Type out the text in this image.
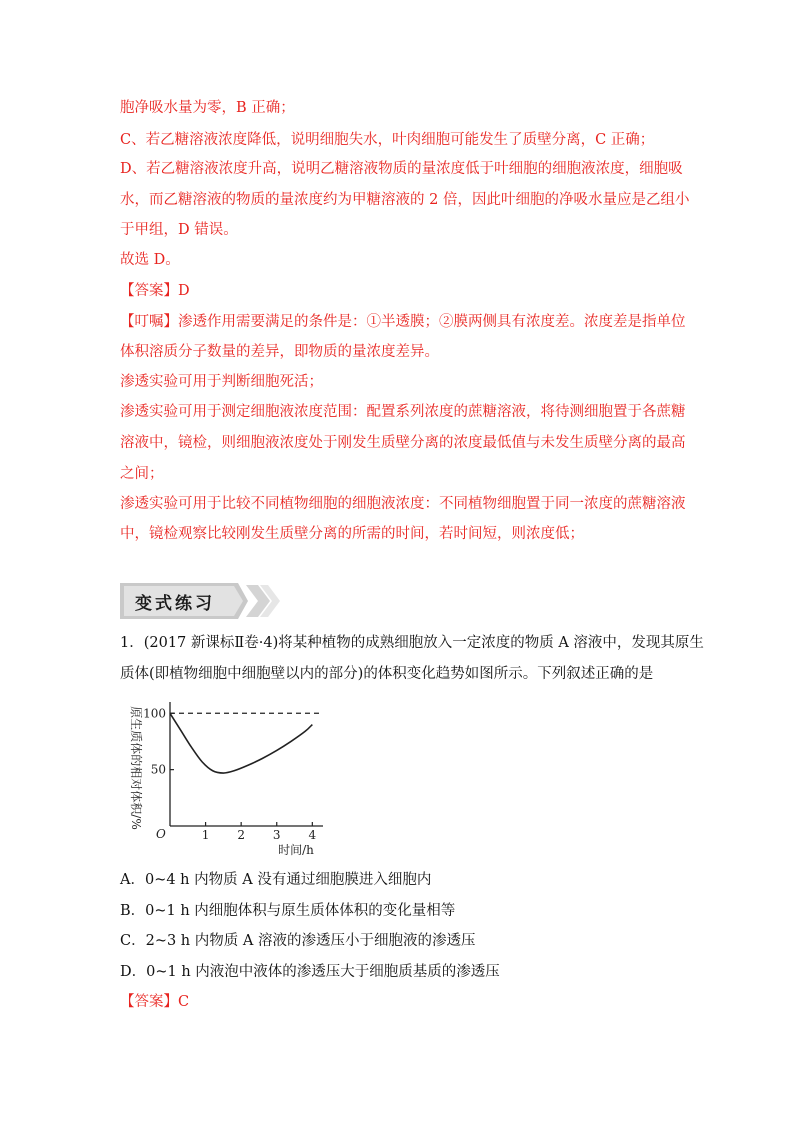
胞净吸水量为零，B 正确；
C、若乙糖溶液浓度降低，说明细胞失水，叶肉细胞可能发生了质壁分离，C 正确；
D、若乙糖溶液浓度升高，说明乙糖溶液物质的量浓度低于叶细胞的细胞液浓度，细胞吸
水，而乙糖溶液的物质的量浓度约为甲糖溶液的 2 倍，因此叶细胞的净吸水量应是乙组小
于甲组，D 错误。
故选 D。
【答案】D
【叮嘱】渗透作用需要满足的条件是：①半透膜；②膜两侧具有浓度差。浓度差是指单位
体积溶质分子数量的差异，即物质的量浓度差异。
渗透实验可用于判断细胞死活；
渗透实验可用于测定细胞液浓度范围：配置系列浓度的蔗糖溶液，将待测细胞置于各蔗糖
溶液中，镜检，则细胞液浓度处于刚发生质壁分离的浓度最低值与未发生质壁分离的最高
之间；
渗透实验可用于比较不同植物细胞的细胞液浓度：不同植物细胞置于同一浓度的蔗糖溶液
中，镜检观察比较刚发生质壁分离的所需的时间，若时间短，则浓度低；
变式练习
1．(2017 新课标Ⅱ卷·4)将某种植物的成熟细胞放入一定浓度的物质 A 溶液中，发现其原生
质体(即植物细胞中细胞壁以内的部分)的体积变化趋势如图所示。下列叙述正确的是
原生质体的相对体积/%
O
时间/h
1 2 3 4
100
50
A．0~4 h 内物质 A 没有通过细胞膜进入细胞内
B．0~1 h 内细胞体积与原生质体体积的变化量相等
C．2~3 h 内物质 A 溶液的渗透压小于细胞液的渗透压
D．0~1 h 内液泡中液体的渗透压大于细胞质基质的渗透压
【答案】C
